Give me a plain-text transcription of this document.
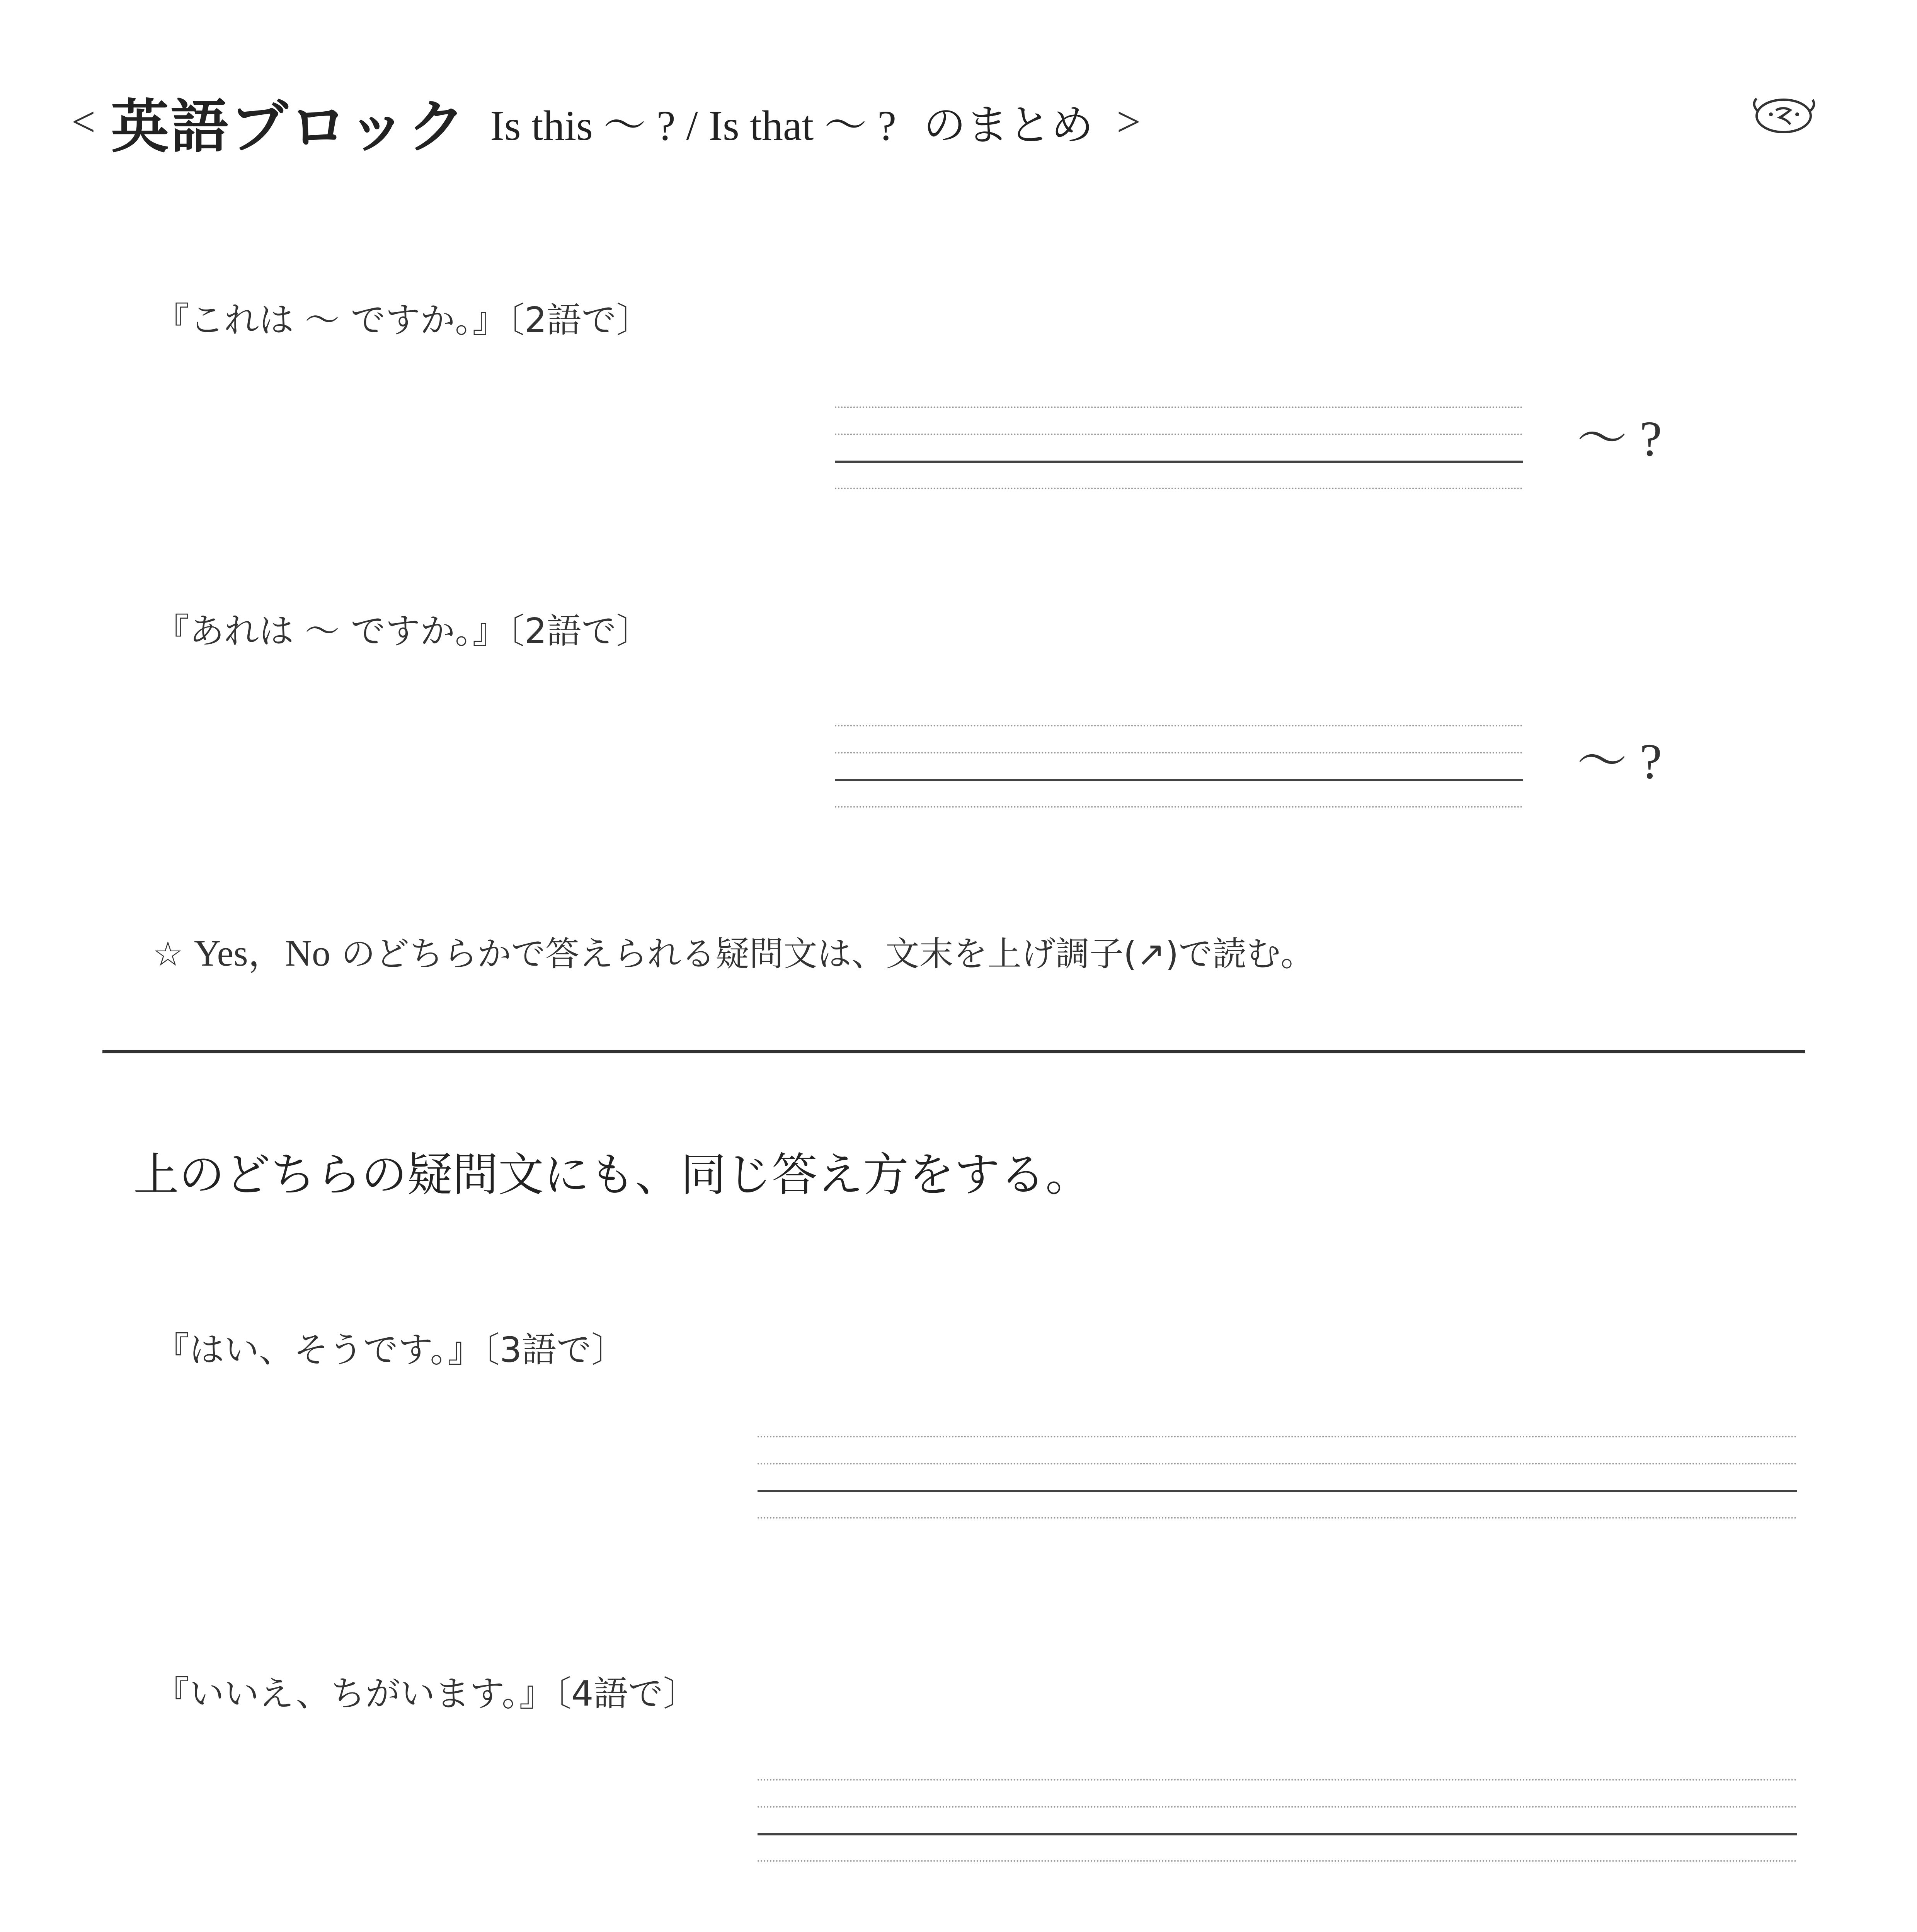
< 英語ブロック Is this ～ ? / Is that ～ ? のまとめ >
『これは ～ ですか。』〔2語で〕
～ ?
『あれは ～ ですか。』〔2語で〕
～ ?
☆ Yes，No のどちらかで答えられる疑問文は、文末を上げ調子(↗)で読む。
上のどちらの疑問文にも、同じ答え方をする。
『はい、そうです。』〔3語で〕
『いいえ、ちがいます。』〔4語で〕
